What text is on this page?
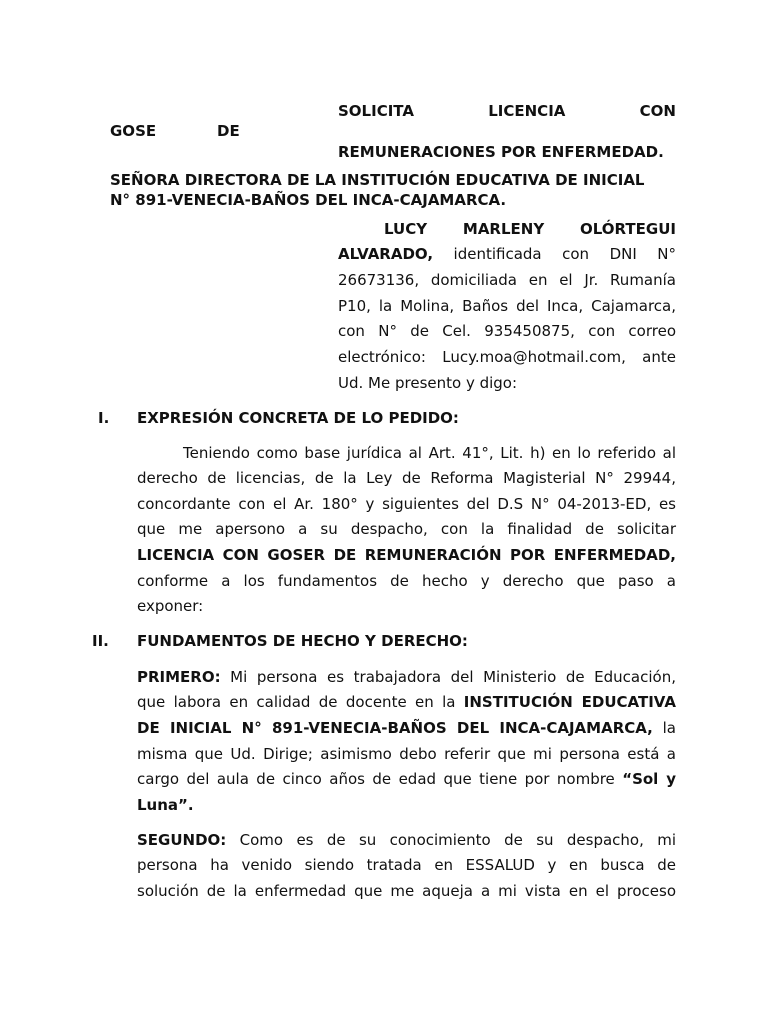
SOLICITA	LICENCIA	CON
GOSE	DE
REMUNERACIONES POR ENFERMEDAD.
SEÑORA DIRECTORA DE LA INSTITUCIÓN EDUCATIVA DE INICIAL
N° 891-VENECIA-BAÑOS DEL INCA-CAJAMARCA.
LUCY MARLENY OLÓRTEGUI
ALVARADO, identificada con DNI N°
26673136, domiciliada en el Jr. Rumanía
P10, la Molina, Baños del Inca, Cajamarca,
con N° de Cel. 935450875, con correo
electrónico: Lucy.moa@hotmail.com, ante
Ud. Me presento y digo:
I. EXPRESIÓN CONCRETA DE LO PEDIDO:
Teniendo como base jurídica al Art. 41°, Lit. h) en lo referido al
derecho de licencias, de la Ley de Reforma Magisterial N° 29944,
concordante con el Ar. 180° y siguientes del D.S N° 04-2013-ED, es
que me apersono a su despacho, con la finalidad de solicitar
LICENCIA CON GOSER DE REMUNERACIÓN POR ENFERMEDAD,
conforme a los fundamentos de hecho y derecho que paso a
exponer:
II. FUNDAMENTOS DE HECHO Y DERECHO:
PRIMERO: Mi persona es trabajadora del Ministerio de Educación,
que labora en calidad de docente en la INSTITUCIÓN EDUCATIVA
DE INICIAL N° 891-VENECIA-BAÑOS DEL INCA-CAJAMARCA, la
misma que Ud. Dirige; asimismo debo referir que mi persona está a
cargo del aula de cinco años de edad que tiene por nombre “Sol y
Luna”.
SEGUNDO: Como es de su conocimiento de su despacho, mi
persona ha venido siendo tratada en ESSALUD y en busca de
solución de la enfermedad que me aqueja a mi vista en el proceso
